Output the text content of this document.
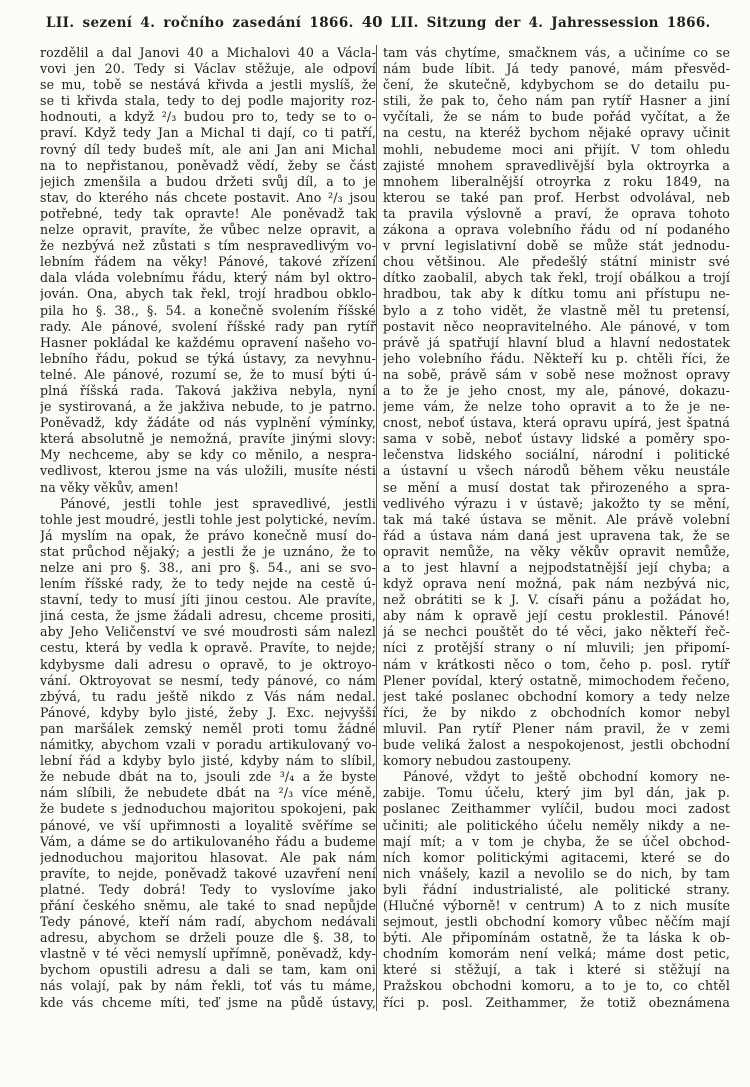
LII. sezení 4. ročního zasedání 1866. 40 LII. Sitzung der 4. Jahressession 1866.
rozdělil a dal Janovi 40 a Michalovi 40 a Václa-
vovi jen 20. Tedy si Václav stěžuje, ale odpoví
se mu, tobě se nestává křivda a jestli myslíš, že
se ti křivda stala, tedy to dej podle majority roz-
hodnouti, a když ²/₃ budou pro to, tedy se to o-
praví. Když tedy Jan a Michal ti dají, co ti patří,
rovný díl tedy budeš mít, ale ani Jan ani Michal
na to nepřistanou, poněvadž vědí, žeby se část
jejich zmenšila a budou držeti svůj díl, a to je
stav, do kterého nás chcete postavit. Ano ²/₃ jsou
potřebné, tedy tak opravte! Ale poněvadž tak
nelze opravit, pravíte, že vůbec nelze opravit, a
že nezbývá než zůstati s tím nespravedlivým vo-
lebním řádem na věky! Pánové, takové zřízení
dala vláda volebnímu řádu, který nám byl oktro-
jován. Ona, abych tak řekl, trojí hradbou obklo-
pila ho §. 38., §. 54. a konečně svolením říšské
rady. Ale pánové, svolení říšské rady pan rytíř
Hasner pokládal ke každému opravení našeho vo-
lebního řádu, pokud se týká ústavy, za nevyhnu-
telné. Ale pánové, rozumí se, že to musí býti ú-
plná říšská rada. Taková jakživa nebyla, nyní
je systirovaná, a že jakživa nebude, to je patrno.
Poněvadž, kdy žádáte od nás vyplnění výmínky,
která absolutně je nemožná, pravíte jinými slovy:
My nechceme, aby se kdy co měnilo, a nespra-
vedlivost, kterou jsme na vás uložili, musíte nésti
na věky věkův, amen!
Pánové, jestli tohle jest spravedlivé, jestli
tohle jest moudré, jestli tohle jest polytické, nevím.
Já myslím na opak, že právo konečně musí do-
stat průchod nějaký; a jestli že je uznáno, že to
nelze ani pro §. 38., ani pro §. 54., ani se svo-
lením říšské rady, že to tedy nejde na cestě ú-
stavní, tedy to musí jíti jinou cestou. Ale pravíte,
jiná cesta, že jsme žádali adresu, chceme prositi,
aby Jeho Veličenství ve své moudrosti sám nalezl
cestu, která by vedla k opravě. Pravíte, to nejde;
kdybysme dali adresu o opravě, to je oktroyo-
vání. Oktroyovat se nesmí, tedy pánové, co nám
zbývá, tu radu ještě nikdo z Vás nám nedal.
Pánové, kdyby bylo jisté, žeby J. Exc. nejvyšší
pan maršálek zemský neměl proti tomu žádné
námitky, abychom vzali v poradu artikulovaný vo-
lební řád a kdyby bylo jisté, kdyby nám to slíbil,
že nebude dbát na to, jsouli zde ³/₄ a že byste
nám slíbili, že nebudete dbát na ²/₃ více méně,
že budete s jednoduchou majoritou spokojeni, pak
pánové, ve vší upřimnosti a loyalitě svěříme se
Vám, a dáme se do artikulovaného řádu a budeme
jednoduchou majoritou hlasovat. Ale pak nám
pravíte, to nejde, poněvadž takové uzavření není
platné. Tedy dobrá! Tedy to vyslovíme jako
přání českého sněmu, ale také to snad nepůjde
Tedy pánové, kteří nám radí, abychom nedávali
adresu, abychom se drželi pouze dle §. 38, to
vlastně v té věci nemyslí upřímně, poněvadž, kdy-
bychom opustili adresu a dali se tam, kam oni
nás volají, pak by nám řekli, toť vás tu máme,
kde vás chceme míti, teď jsme na půdě ústavy,
tam vás chytíme, smačknem vás, a učiníme co se
nám bude líbit. Já tedy panové, mám přesvěd-
čení, že skutečně, kdybychom se do detailu pu-
stili, že pak to, čeho nám pan rytíř Hasner a jiní
vyčítali, že se nám to bude pořád vyčítat, a že
na cestu, na kteréž bychom nějaké opravy učinit
mohli, nebudeme moci ani přijít. V tom ohledu
zajisté mnohem spravedlivější byla oktroyrka a
mnohem liberalnější otroyrka z roku 1849, na
kterou se také pan prof. Herbst odvolával, neb
ta pravila výslovně a praví, že oprava tohoto
zákona a oprava volebního řádu od ní podaného
v první legislativní době se může stát jednodu-
chou většinou. Ale předešlý státní ministr své
dítko zaobalil, abych tak řekl, trojí obálkou a trojí
hradbou, tak aby k dítku tomu ani přístupu ne-
bylo a z toho vidět, že vlastně měl tu pretensí,
postavit něco neopravitelného. Ale pánové, v tom
právě já spatřují hlavní blud a hlavní nedostatek
jeho volebního řádu. Někteří ku p. chtěli říci, že
na sobě, právě sám v sobě nese možnost opravy
a to že je jeho cnost, my ale, pánové, dokazu-
jeme vám, že nelze toho opravit a to že je ne-
cnost, neboť ústava, která opravu upírá, jest špatná
sama v sobě, neboť ústavy lidské a poměry spo-
lečenstva lidského sociální, národní i politické
a ústavní u všech národů během věku neustále
se mění a musí dostat tak přirozeného a spra-
vedlivého výrazu i v ústavě; jakožto ty se mění,
tak má také ústava se měnit. Ale právě volební
řád a ústava nám daná jest upravena tak, že se
opravit nemůže, na věky věkův opravit nemůže,
a to jest hlavní a nejpodstatnější její chyba; a
když oprava není možná, pak nám nezbývá nic,
než obrátiti se k J. V. císaři pánu a požádat ho,
aby nám k opravě její cestu proklestil. Pánové!
já se nechci pouštět do té věci, jako někteří řeč-
níci z protější strany o ní mluvili; jen připomí-
nám v krátkosti něco o tom, čeho p. posl. rytíř
Plener povídal, který ostatně, mimochodem řečeno,
jest také poslanec obchodní komory a tedy nelze
říci, že by nikdo z obchodních komor nebyl
mluvil. Pan rytíř Plener nám pravil, že v zemi
bude veliká žalost a nespokojenost, jestli obchodní
komory nebudou zastoupeny.
Pánové, vždyt to ještě obchodní komory ne-
zabije. Tomu účelu, který jim byl dán, jak p.
poslanec Zeithammer vylíčil, budou moci zadost
učiniti; ale politického účelu neměly nikdy a ne-
mají mít; a v tom je chyba, že se účel obchod-
ních komor politickými agitacemi, které se do
nich vnášely, kazil a nevolilo se do nich, by tam
byli řádní industrialisté, ale politické strany.
(Hlučné výborně! v centrum) A to z nich musíte
sejmout, jestli obchodní komory vůbec něčím mají
býti. Ale připomínám ostatně, že ta láska k ob-
chodním komorám není velká; máme dost petic,
které si stěžují, a tak i které si stěžují na
Pražskou obchodni komoru, a to je to, co chtěl
říci p. posl. Zeithammer, že totiž obeznámena
